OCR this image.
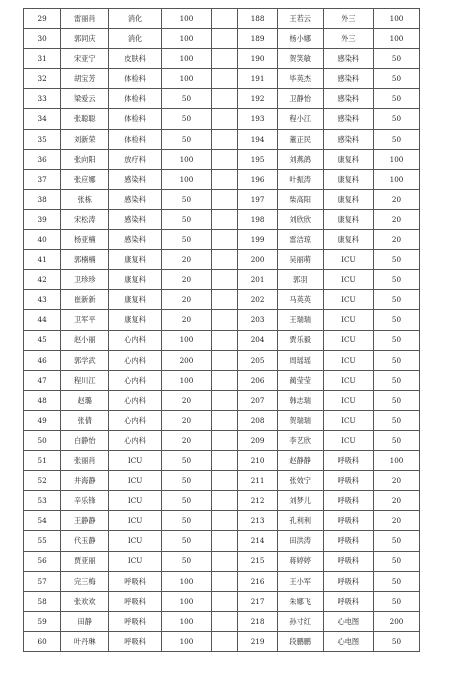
29	雷丽肖	消化	100		188	王若云	外三	100
30	郭同庆	消化	100		189	杨小娜	外三	100
31	宋亚宁	皮肤科	100		190	贺笑敏	感染科	50
32	胡宝芳	体检科	100		191	毕英杰	感染科	50
33	梁爱云	体检科	50		192	卫静怡	感染科	50
34	张聪聪	体检科	50		193	程小江	感染科	50
35	刘新荣	体检科	50		194	董正民	感染科	50
36	张向阳	放疗科	100		195	刘燕鸽	康复科	100
37	张应娜	感染科	100		196	叶振涛	康复科	100
38	张栋	感染科	50		197	柴高阳	康复科	20
39	宋松涛	感染科	50		198	刘欣欣	康复科	20
40	杨亚楠	感染科	50		199	雷洁琼	康复科	20
41	郭楠楠	康复科	20		200	吴丽萌	ICU	50
42	卫珍珍	康复科	20		201	郭羽	ICU	50
43	崔新新	康复科	20		202	马英英	ICU	50
44	卫军平	康复科	20		203	王瑞瑞	ICU	50
45	赵小丽	心内科	100		204	贾乐毅	ICU	50
46	郭学武	心内科	200		205	周瑶瑶	ICU	50
47	程川江	心内科	100		206	蔺莹莹	ICU	50
48	赵璐	心内科	20		207	韩志瑞	ICU	50
49	张倩	心内科	20		208	贺瑞瑞	ICU	50
50	白静怡	心内科	20		209	李艺欣	ICU	50
51	张丽肖	ICU	50		210	赵静静	呼吸科	100
52	井海静	ICU	50		211	张效宁	呼吸科	20
53	辛乐锋	ICU	50		212	刘梦儿	呼吸科	20
54	王静静	ICU	50		213	孔利利	呼吸科	20
55	代玉静	ICU	50		214	田洪涛	呼吸科	50
56	贾亚丽	ICU	50		215	蒋婷婷	呼吸科	50
57	完三梅	呼吸科	100		216	王小军	呼吸科	50
58	张欢欢	呼吸科	100		217	朱娜飞	呼吸科	50
59	田静	呼吸科	100		218	孙寸红	心电图	200
60	叶丹琳	呼吸科	100		219	段鹏鹏	心电图	50
